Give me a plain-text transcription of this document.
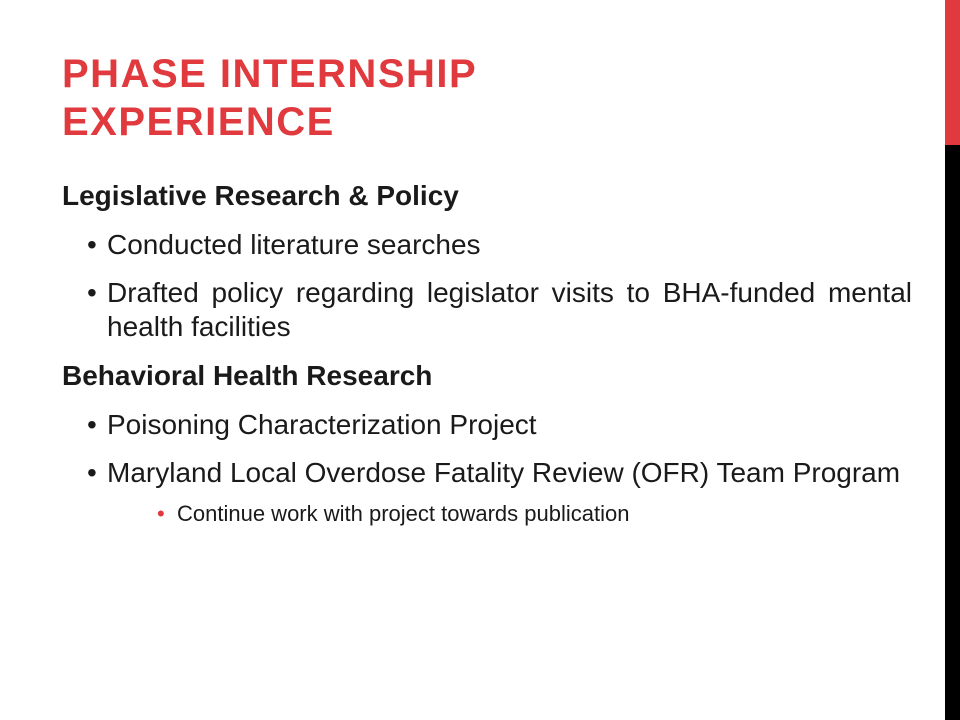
PHASE INTERNSHIP
EXPERIENCE

Legislative Research & Policy

• Conducted literature searches
• Drafted policy regarding legislator visits to BHA-funded mental health facilities

Behavioral Health Research

• Poisoning Characterization Project
• Maryland Local Overdose Fatality Review (OFR) Team Program
• Continue work with project towards publication
